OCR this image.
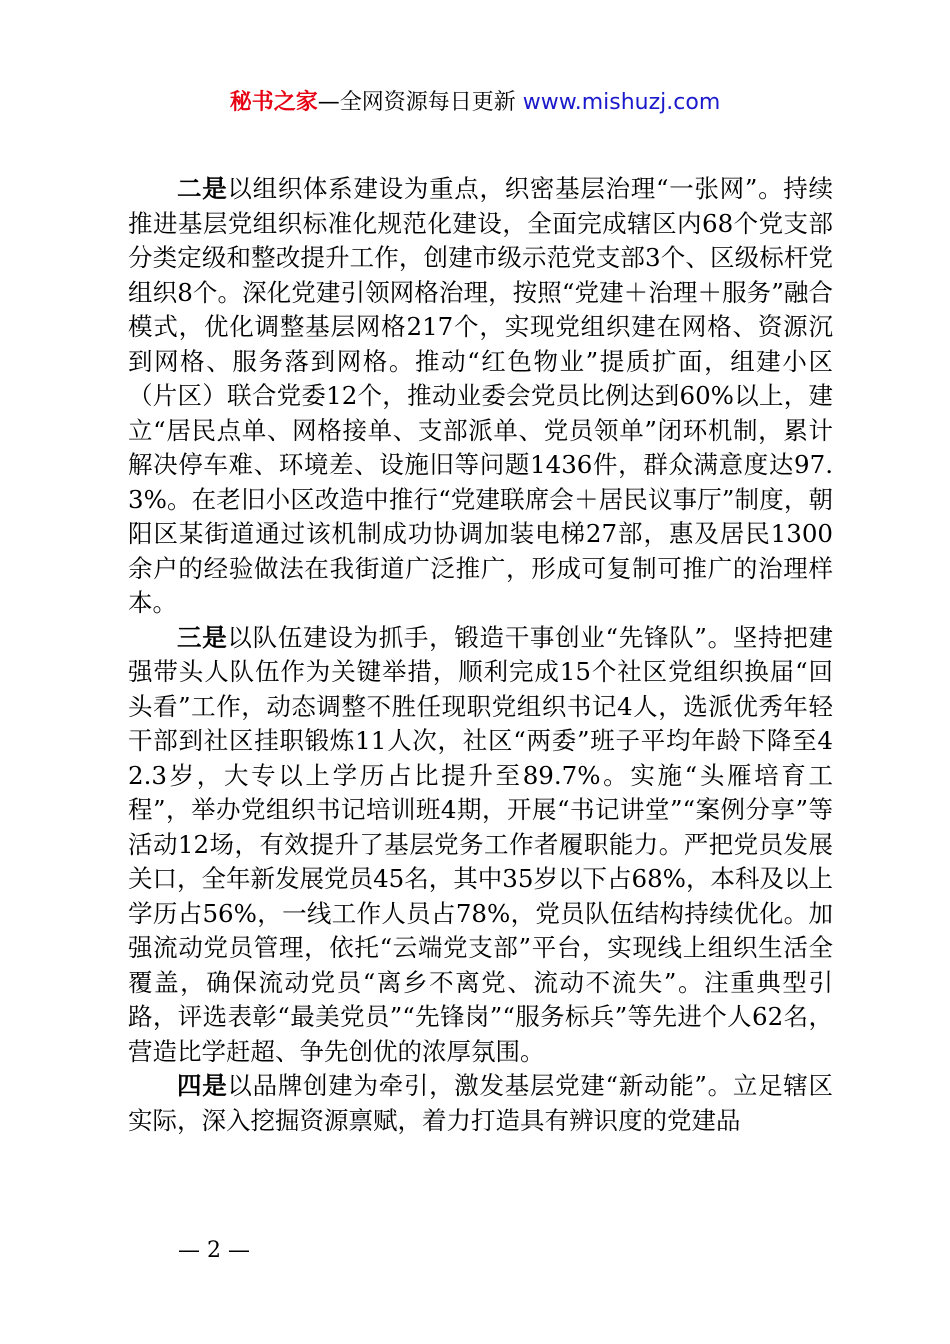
秘书之家—全网资源每日更新 www.mishuzj.com

二是以组织体系建设为重点，织密基层治理“一张网”。持续推进基层党组织标准化规范化建设，全面完成辖区内68个党支部分类定级和整改提升工作，创建市级示范党支部3个、区级标杆党组织8个。深化党建引领网格治理，按照“党建＋治理＋服务”融合模式，优化调整基层网格217个，实现党组织建在网格、资源沉到网格、服务落到网格。推动“红色物业”提质扩面，组建小区（片区）联合党委12个，推动业委会党员比例达到60%以上，建立“居民点单、网格接单、支部派单、党员领单”闭环机制，累计解决停车难、环境差、设施旧等问题1436件，群众满意度达97.3%。在老旧小区改造中推行“党建联席会＋居民议事厅”制度，朝阳区某街道通过该机制成功协调加装电梯27部，惠及居民1300余户的经验做法在我街道广泛推广，形成可复制可推广的治理样本。

三是以队伍建设为抓手，锻造干事创业“先锋队”。坚持把建强带头人队伍作为关键举措，顺利完成15个社区党组织换届“回头看”工作，动态调整不胜任现职党组织书记4人，选派优秀年轻干部到社区挂职锻炼11人次，社区“两委”班子平均年龄下降至42.3岁，大专以上学历占比提升至89.7%。实施“头雁培育工程”，举办党组织书记培训班4期，开展“书记讲堂”“案例分享”等活动12场，有效提升了基层党务工作者履职能力。严把党员发展关口，全年新发展党员45名，其中35岁以下占68%，本科及以上学历占56%，一线工作人员占78%，党员队伍结构持续优化。加强流动党员管理，依托“云端党支部”平台，实现线上组织生活全覆盖，确保流动党员“离乡不离党、流动不流失”。注重典型引路，评选表彰“最美党员”“先锋岗”“服务标兵”等先进个人62名，营造比学赶超、争先创优的浓厚氛围。

四是以品牌创建为牵引，激发基层党建“新动能”。立足辖区实际，深入挖掘资源禀赋，着力打造具有辨识度的党建品

— 2 —
